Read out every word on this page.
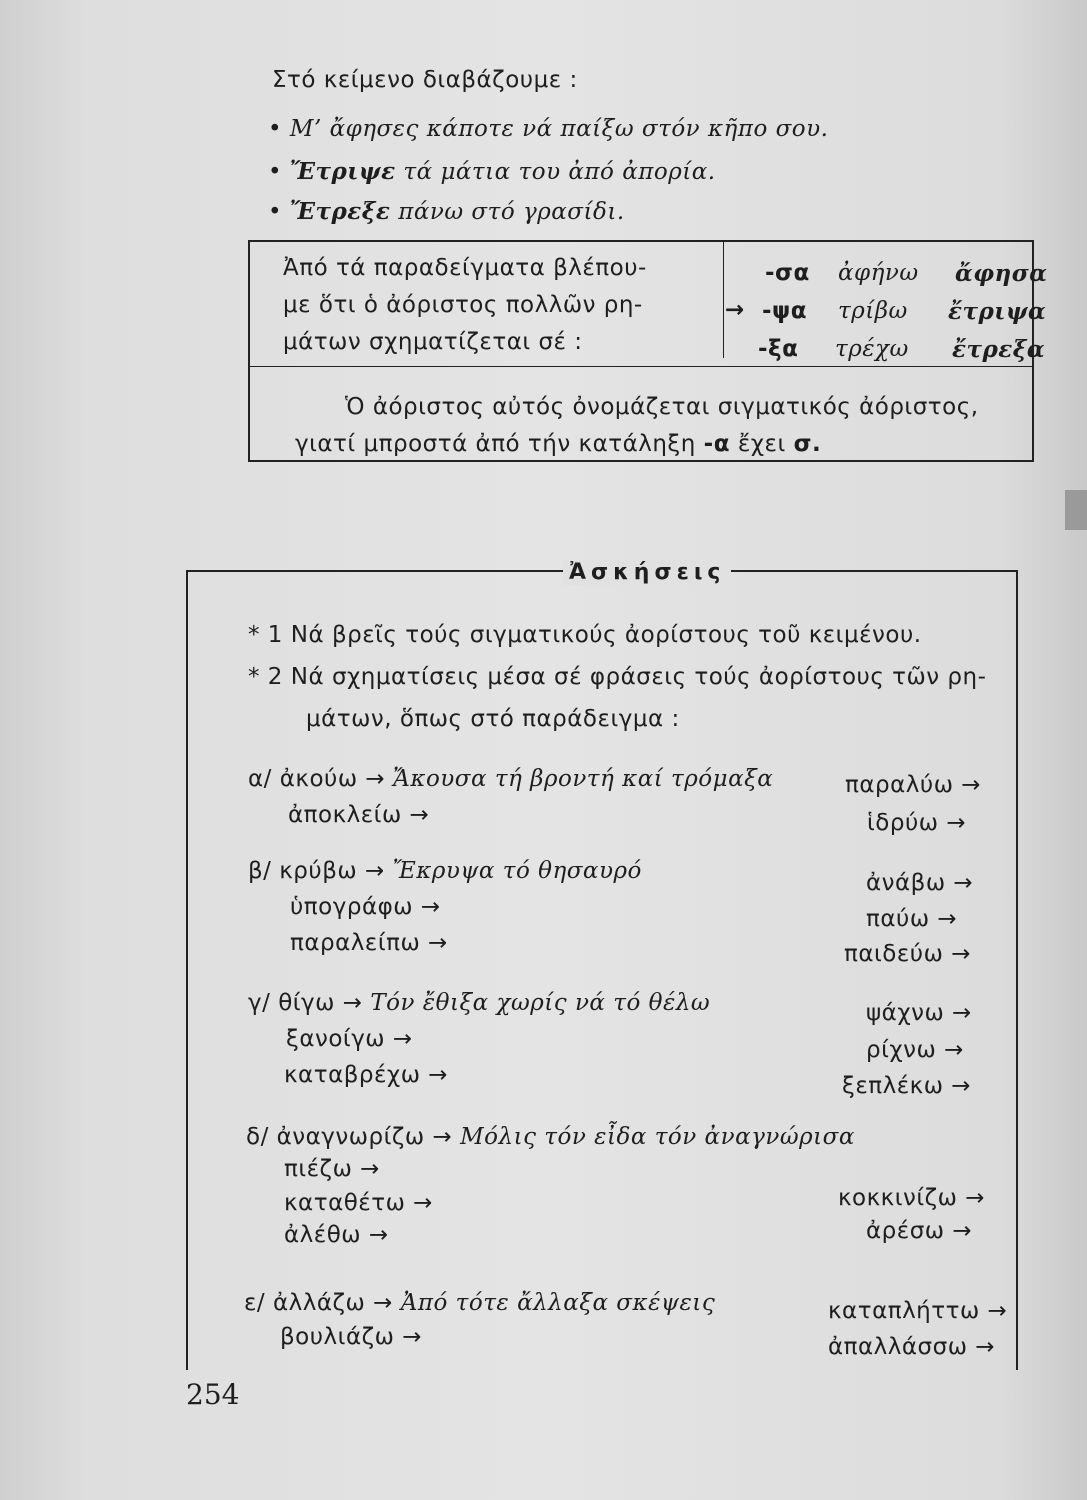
Στό κείμενο διαβάζουμε :
• Μ’ ἄφησες κάποτε νά παίξω στόν κῆπο σου.
• Ἔτριψε τά μάτια του ἀπό ἀπορία.
• Ἔτρεξε πάνω στό γρασίδι.
Ἀπό τά παραδείγματα βλέπου-
με ὅτι ὁ ἀόριστος πολλῶν ρη-
μάτων σχηματίζεται σέ :
→
-σα ἀφήνω ἄφησα
-ψα τρίβω ἔτριψα
-ξα τρέχω ἔτρεξα
Ὁ ἀόριστος αὐτός ὀνομάζεται σιγματικός ἀόριστος,
γιατί μπροστά ἀπό τήν κατάληξη -α ἔχει σ.
Ἀσκήσεις
* 1 Νά βρεῖς τούς σιγματικούς ἀορίστους τοῦ κειμένου.
* 2 Νά σχηματίσεις μέσα σέ φράσεις τούς ἀορίστους τῶν ρη-
μάτων, ὅπως στό παράδειγμα :
α/ ἀκούω → Ἄκουσα τή βροντή καί τρόμαξα
ἀποκλείω →
παραλύω →
ἱδρύω →
β/ κρύβω → Ἔκρυψα τό θησαυρό
ὑπογράφω →
παραλείπω →
ἀνάβω →
παύω →
παιδεύω →
γ/ θίγω → Τόν ἔθιξα χωρίς νά τό θέλω
ξανοίγω →
καταβρέχω →
ψάχνω →
ρίχνω →
ξεπλέκω →
δ/ ἀναγνωρίζω → Μόλις τόν εἶδα τόν ἀναγνώρισα
πιέζω →
καταθέτω →
ἀλέθω →
κοκκινίζω →
ἀρέσω →
ε/ ἀλλάζω → Ἀπό τότε ἄλλαξα σκέψεις
βουλιάζω →
καταπλήττω →
ἀπαλλάσσω →
254
